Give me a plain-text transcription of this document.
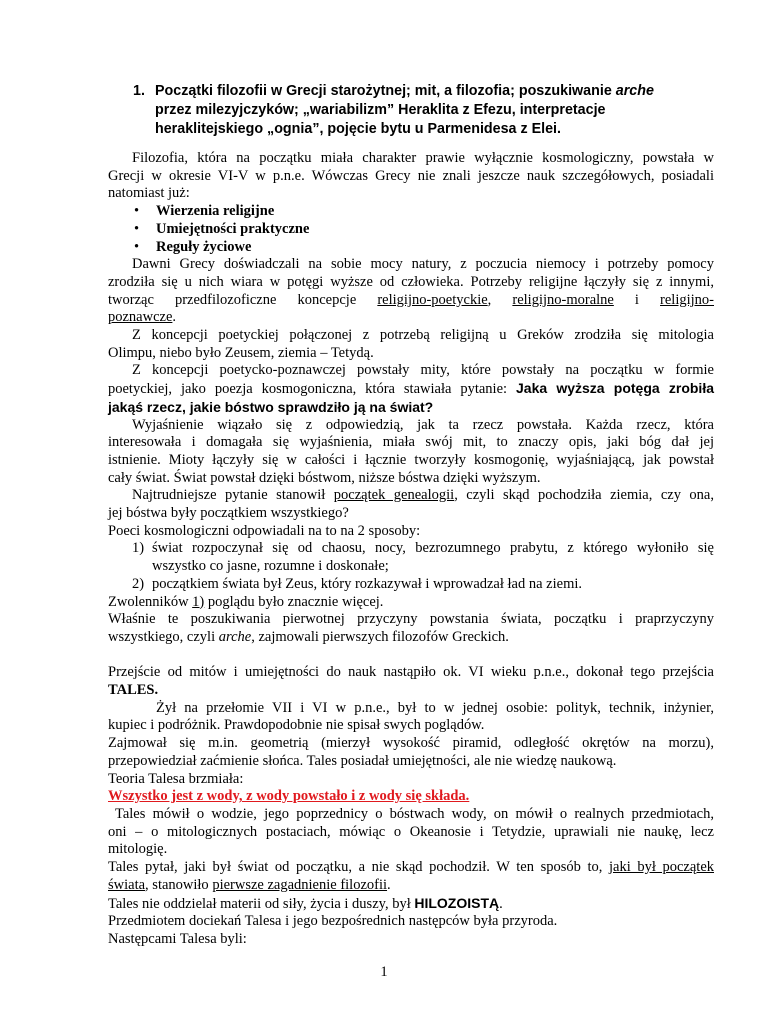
1. Początki filozofii w Grecji starożytnej; mit, a filozofia; poszukiwanie arche
przez milezyjczyków; „wariabilizm” Heraklita z Efezu, interpretacje
heraklitejskiego „ognia”, pojęcie bytu u Parmenidesa z Elei.

Filozofia, która na początku miała charakter prawie wyłącznie kosmologiczny, powstała w

Grecji w okresie VI-V w p.n.e. Wówczas Grecy nie znali jeszcze nauk szczegółowych, posiadali

natomiast już:

• Wierzenia religijne
• Umiejętności praktyczne
• Reguły życiowe

Dawni Grecy doświadczali na sobie mocy natury, z poczucia niemocy i potrzeby pomocy

zrodziła się u nich wiara w potęgi wyższe od człowieka. Potrzeby religijne łączyły się z innymi,

tworząc przedfilozoficzne koncepcje religijno-poetyckie, religijno-moralne i religijno-

poznawcze.

Z koncepcji poetyckiej połączonej z potrzebą religijną u Greków zrodziła się mitologia

Olimpu, niebo było Zeusem, ziemia – Tetydą.

Z koncepcji poetycko-poznawczej powstały mity, które powstały na początku w formie

poetyckiej, jako poezja kosmogoniczna, która stawiała pytanie: Jaka wyższa potęga zrobiła

jakąś rzecz, jakie bóstwo sprawdziło ją na świat?

Wyjaśnienie wiązało się z odpowiedzią, jak ta rzecz powstała. Każda rzecz, która

interesowała i domagała się wyjaśnienia, miała swój mit, to znaczy opis, jaki bóg dał jej

istnienie. Mioty łączyły się w całości i łącznie tworzyły kosmogonię, wyjaśniającą, jak powstał

cały świat. Świat powstał dzięki bóstwom, niższe bóstwa dzięki wyższym.

Najtrudniejsze pytanie stanowił początek genealogii, czyli skąd pochodziła ziemia, czy ona,

jej bóstwa były początkiem wszystkiego?

Poeci kosmologiczni odpowiadali na to na 2 sposoby:

1) świat rozpoczynał się od chaosu, nocy, bezrozumnego prabytu, z którego wyłoniło się

wszystko co jasne, rozumne i doskonałe;

2) początkiem świata był Zeus, który rozkazywał i wprowadzał ład na ziemi.

Zwolenników 1) poglądu było znacznie więcej.

Właśnie te poszukiwania pierwotnej przyczyny powstania świata, początku i praprzyczyny

wszystkiego, czyli arche, zajmowali pierwszych filozofów Greckich.

Przejście od mitów i umiejętności do nauk nastąpiło ok. VI wieku p.n.e., dokonał tego przejścia

TALES.

Żył na przełomie VII i VI w p.n.e., był to w jednej osobie: polityk, technik, inżynier,

kupiec i podróżnik. Prawdopodobnie nie spisał swych poglądów.

Zajmował się m.in. geometrią (mierzył wysokość piramid, odległość okrętów na morzu),

przepowiedział zaćmienie słońca. Tales posiadał umiejętności, ale nie wiedzę naukową.

Teoria Talesa brzmiała:

Wszystko jest z wody, z wody powstało i z wody się składa.

Tales mówił o wodzie, jego poprzednicy o bóstwach wody, on mówił o realnych przedmiotach,

oni – o mitologicznych postaciach, mówiąc o Okeanosie i Tetydzie, uprawiali nie naukę, lecz

mitologię.

Tales pytał, jaki był świat od początku, a nie skąd pochodził. W ten sposób to, jaki był początek

świata, stanowiło pierwsze zagadnienie filozofii.

Tales nie oddzielał materii od siły, życia i duszy, był HILOZOISTĄ.

Przedmiotem dociekań Talesa i jego bezpośrednich następców była przyroda.

Następcami Talesa byli:

1
